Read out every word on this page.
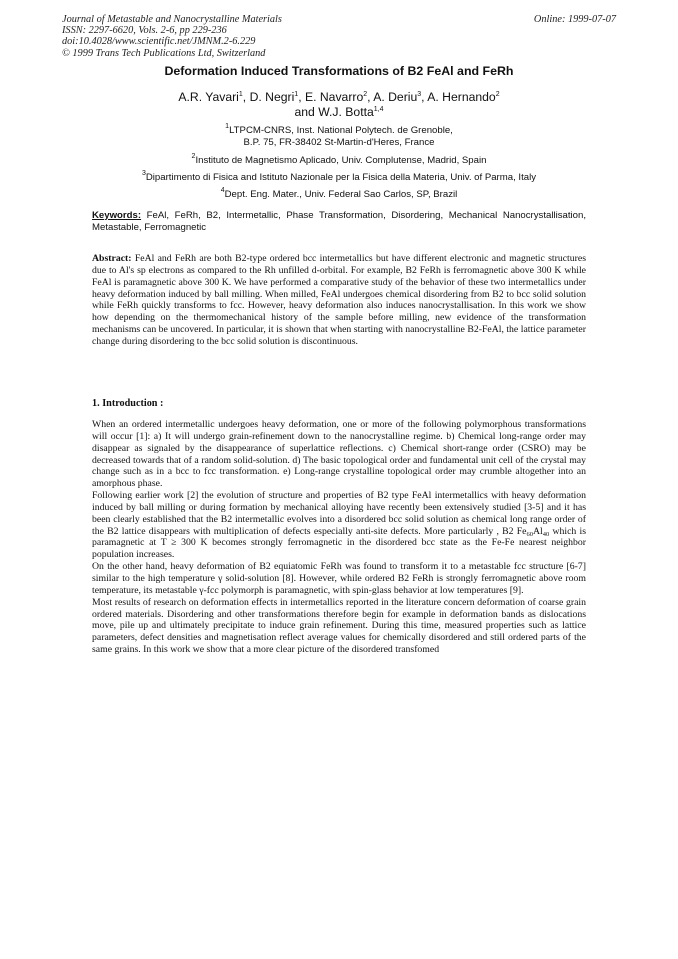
Journal of Metastable and Nanocrystalline Materials
ISSN: 2297-6620, Vols. 2-6, pp 229-236
doi:10.4028/www.scientific.net/JMNM.2-6.229
© 1999 Trans Tech Publications Ltd, Switzerland
Online: 1999-07-07
Deformation Induced Transformations of B2 FeAl and FeRh
A.R. Yavari$^1$, D. Negri$^1$, E. Navarro$^2$, A. Deriu$^3$, A. Hernando$^2$
and W.J. Botta$^{1,4}$
$^1$LTPCM-CNRS, Inst. National Polytech. de Grenoble,
B.P. 75, FR-38402 St-Martin-d'Heres, France
$^2$Instituto de Magnetismo Aplicado, Univ. Complutense, Madrid, Spain
$^3$Dipartimento di Fisica and Istituto Nazionale per la Fisica della Materia, Univ. of Parma, Italy
$^4$Dept. Eng. Mater., Univ. Federal Sao Carlos, SP, Brazil
Keywords: FeAl, FeRh, B2, Intermetallic, Phase Transformation, Disordering, Mechanical Nanocrystallisation, Metastable, Ferromagnetic

Abstract: FeAl and FeRh are both B2-type ordered bcc intermetallics but have different electronic and magnetic structures due to Al's sp electrons as compared to the Rh unfilled d-orbital. For example, B2 FeRh is ferromagnetic above 300 K while FeAl is paramagnetic above 300 K. We have performed a comparative study of the behavior of these two intermetallics under heavy deformation induced by ball milling. When milled, FeAl undergoes chemical disordering from B2 to bcc solid solution while FeRh quickly transforms to fcc. However, heavy deformation also induces nanocrystallisation. In this work we show how depending on the thermomechanical history of the sample before milling, new evidence of the transformation mechanisms can be uncovered. In particular, it is shown that when starting with nanocrystalline B2-FeAl, the lattice parameter change during disordering to the bcc solid solution is discontinuous.

1. Introduction :

When an ordered intermetallic undergoes heavy deformation, one or more of the following polymorphous transformations will occur [1]: a) It will undergo grain-refinement down to the nanocrystalline regime. b) Chemical long-range order may disappear as signaled by the disappearance of superlattice reflections. c) Chemical short-range order (CSRO) may be decreased towards that of a random solid-solution. d) The basic topological order and fundamental unit cell of the crystal may change such as in a bcc to fcc transformation. e) Long-range crystalline topological order may crumble altogether into an amorphous phase.

Following earlier work [2] the evolution of structure and properties of B2 type FeAl intermetallics with heavy deformation induced by ball milling or during formation by mechanical alloying have recently been extensively studied [3-5] and it has been clearly established that the B2 intermetallic evolves into a disordered bcc solid solution as chemical long range order of the B2 lattice disappears with multiplication of defects especially anti-site defects. More particularly , B2 $Fe_{60}Al_{40}$ which is paramagnetic at T ≥ 300 K becomes strongly ferromagnetic in the disordered bcc state as the Fe-Fe nearest neighbor population increases.

On the other hand, heavy deformation of B2 equiatomic FeRh was found to transform it to a metastable fcc structure [6-7] similar to the high temperature γ solid-solution [8]. However, while ordered B2 FeRh is strongly ferromagnetic above room temperature, its metastable γ-fcc polymorph is paramagnetic, with spin-glass behavior at low temperatures [9].

Most results of research on deformation effects in intermetallics reported in the literature concern deformation of coarse grain ordered materials. Disordering and other transformations therefore begin for example in deformation bands as dislocations move, pile up and ultimately precipitate to induce grain refinement. During this time, measured properties such as lattice parameters, defect densities and magnetisation reflect average values for chemically disordered and still ordered parts of the same grains. In this work we show that a more clear picture of the disordered transfomed
